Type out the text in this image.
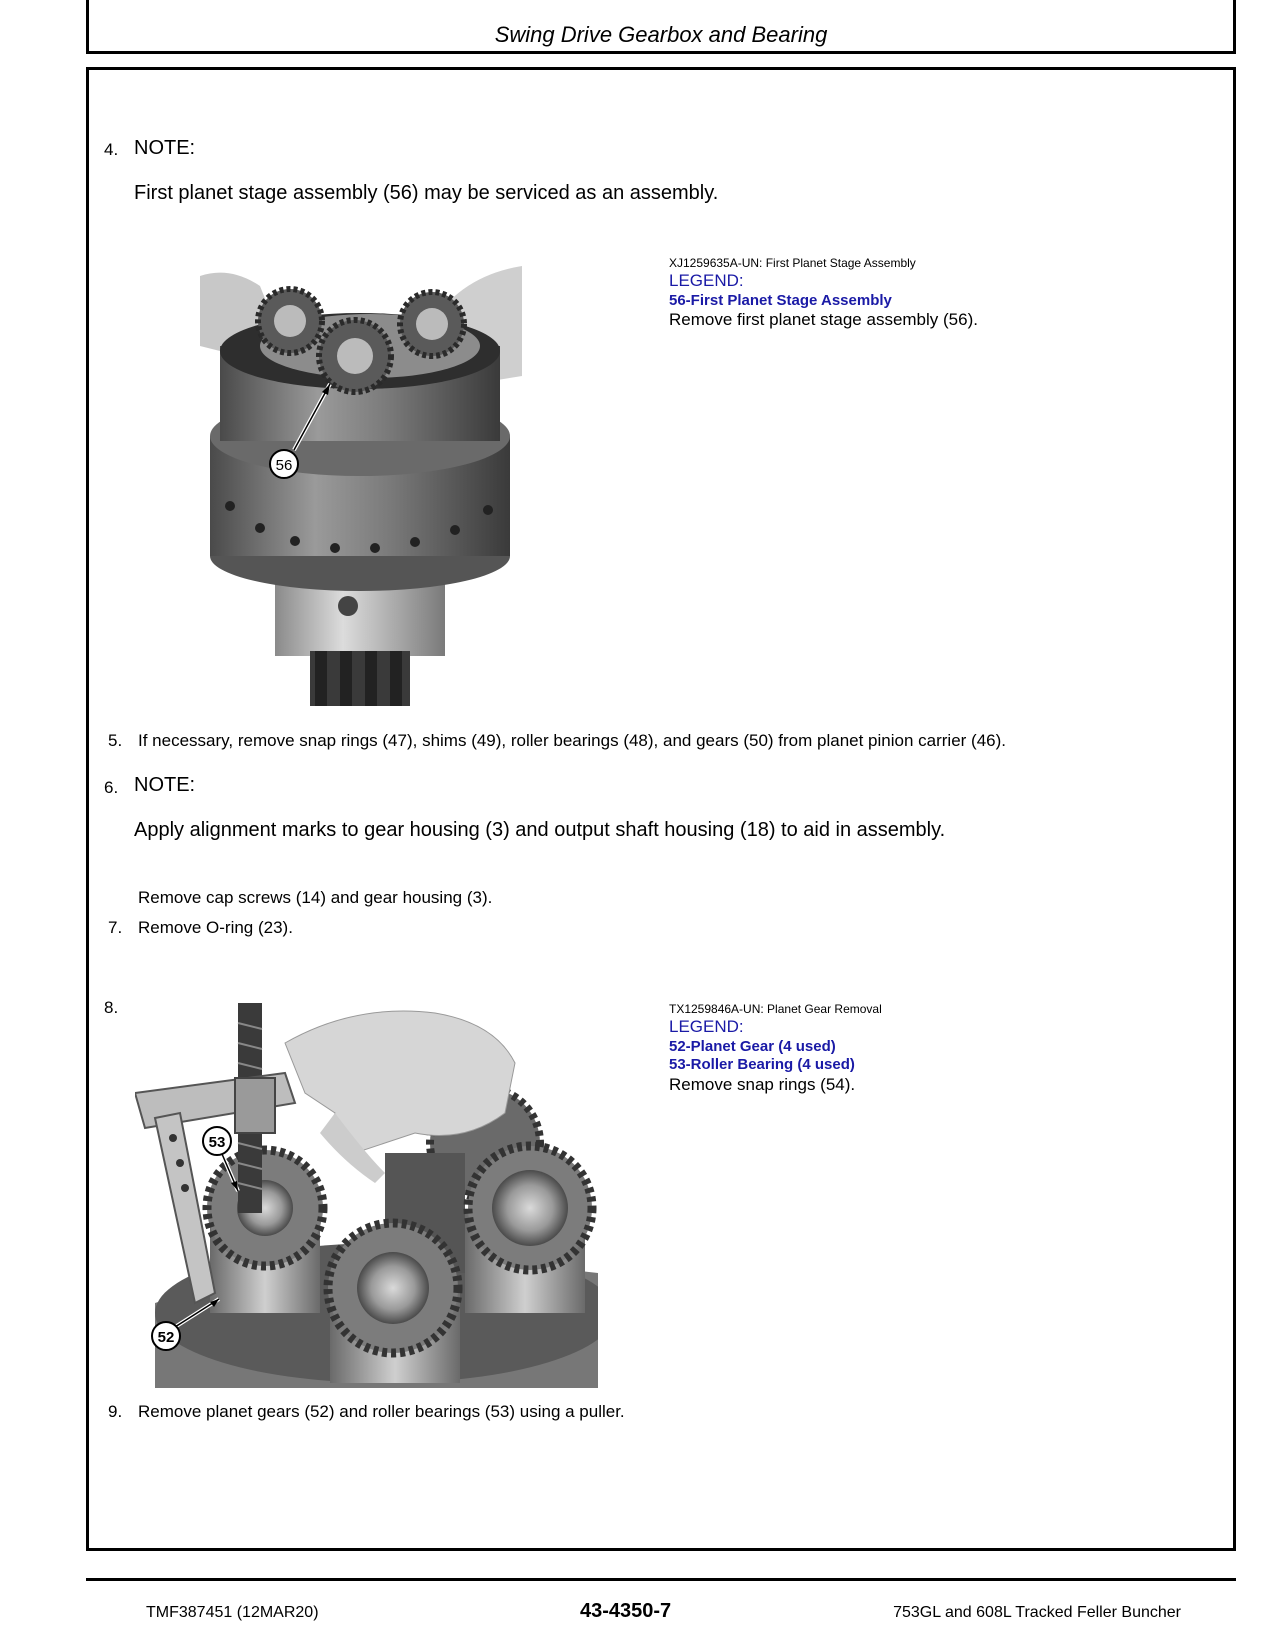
Swing Drive Gearbox and Bearing
4. NOTE:
First planet stage assembly (56) may be serviced as an assembly.
56
XJ1259635A-UN: First Planet Stage Assembly
LEGEND:
56-First Planet Stage Assembly
Remove first planet stage assembly (56).
5. If necessary, remove snap rings (47), shims (49), roller bearings (48), and gears (50) from planet pinion carrier (46).
6. NOTE:
Apply alignment marks to gear housing (3) and output shaft housing (18) to aid in assembly.
Remove cap screws (14) and gear housing (3).
7. Remove O-ring (23).
8.
53
52
TX1259846A-UN: Planet Gear Removal
LEGEND:
52-Planet Gear (4 used)
53-Roller Bearing (4 used)
Remove snap rings (54).
9. Remove planet gears (52) and roller bearings (53) using a puller.
TMF387451 (12MAR20)	43-4350-7	753GL and 608L Tracked Feller Buncher
